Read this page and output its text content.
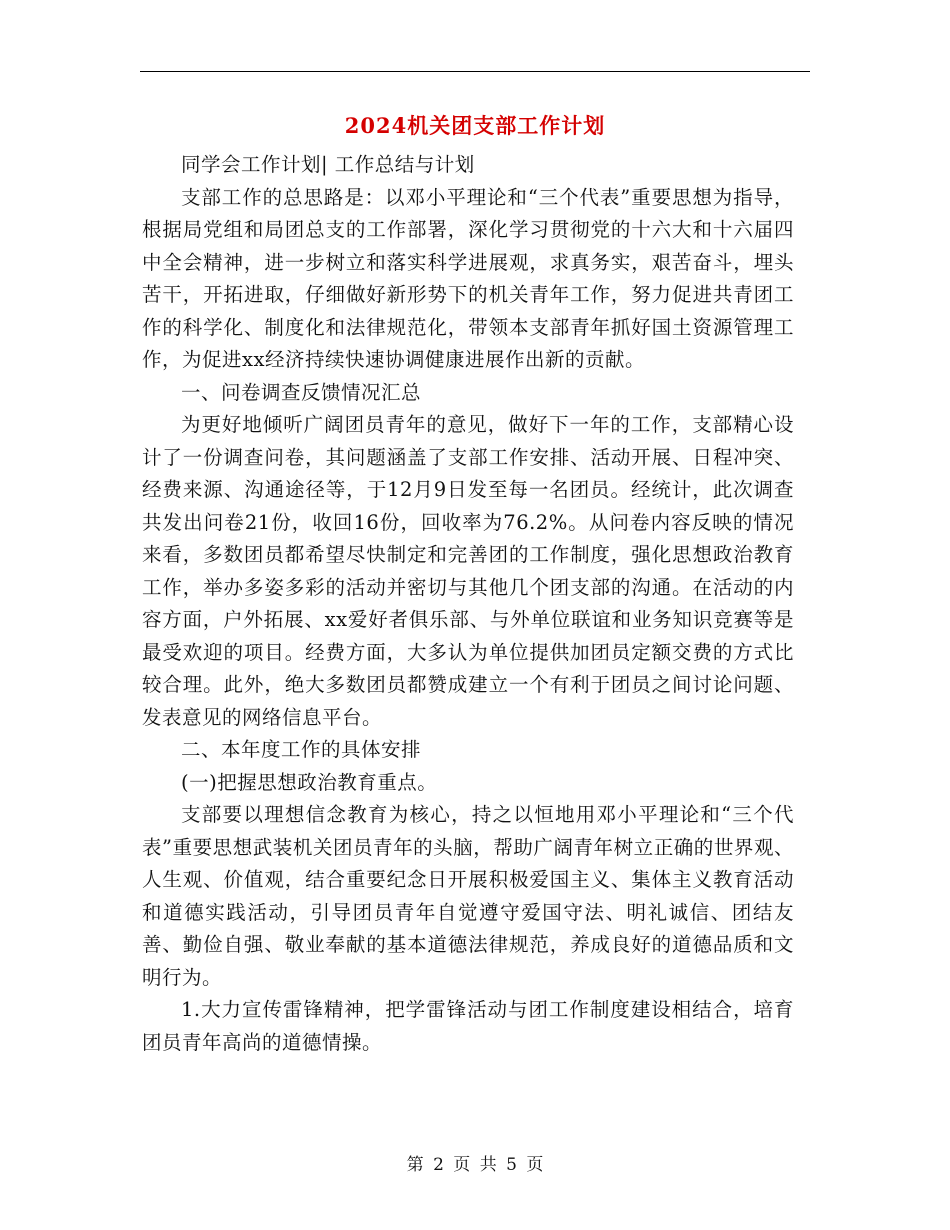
2024机关团支部工作计划

同学会工作计划| 工作总结与计划

支部工作的总思路是：以邓小平理论和“三个代表”重要思想为指导，根据局党组和局团总支的工作部署，深化学习贯彻党的十六大和十六届四中全会精神，进一步树立和落实科学进展观，求真务实，艰苦奋斗，埋头苦干，开拓进取，仔细做好新形势下的机关青年工作，努力促进共青团工作的科学化、制度化和法律规范化，带领本支部青年抓好国土资源管理工作，为促进xx经济持续快速协调健康进展作出新的贡献。

一、问卷调查反馈情况汇总

为更好地倾听广阔团员青年的意见，做好下一年的工作，支部精心设计了一份调查问卷，其问题涵盖了支部工作安排、活动开展、日程冲突、经费来源、沟通途径等，于12月9日发至每一名团员。经统计，此次调查共发出问卷21份，收回16份，回收率为76.2%。从问卷内容反映的情况来看，多数团员都希望尽快制定和完善团的工作制度，强化思想政治教育工作，举办多姿多彩的活动并密切与其他几个团支部的沟通。在活动的内容方面，户外拓展、xx爱好者俱乐部、与外单位联谊和业务知识竞赛等是最受欢迎的项目。经费方面，大多认为单位提供加团员定额交费的方式比较合理。此外，绝大多数团员都赞成建立一个有利于团员之间讨论问题、发表意见的网络信息平台。

二、本年度工作的具体安排

(一)把握思想政治教育重点。

支部要以理想信念教育为核心，持之以恒地用邓小平理论和“三个代表”重要思想武装机关团员青年的头脑，帮助广阔青年树立正确的世界观、人生观、价值观，结合重要纪念日开展积极爱国主义、集体主义教育活动和道德实践活动，引导团员青年自觉遵守爱国守法、明礼诚信、团结友善、勤俭自强、敬业奉献的基本道德法律规范，养成良好的道德品质和文明行为。

1.大力宣传雷锋精神，把学雷锋活动与团工作制度建设相结合，培育团员青年高尚的道德情操。

第 2 页 共 5 页
